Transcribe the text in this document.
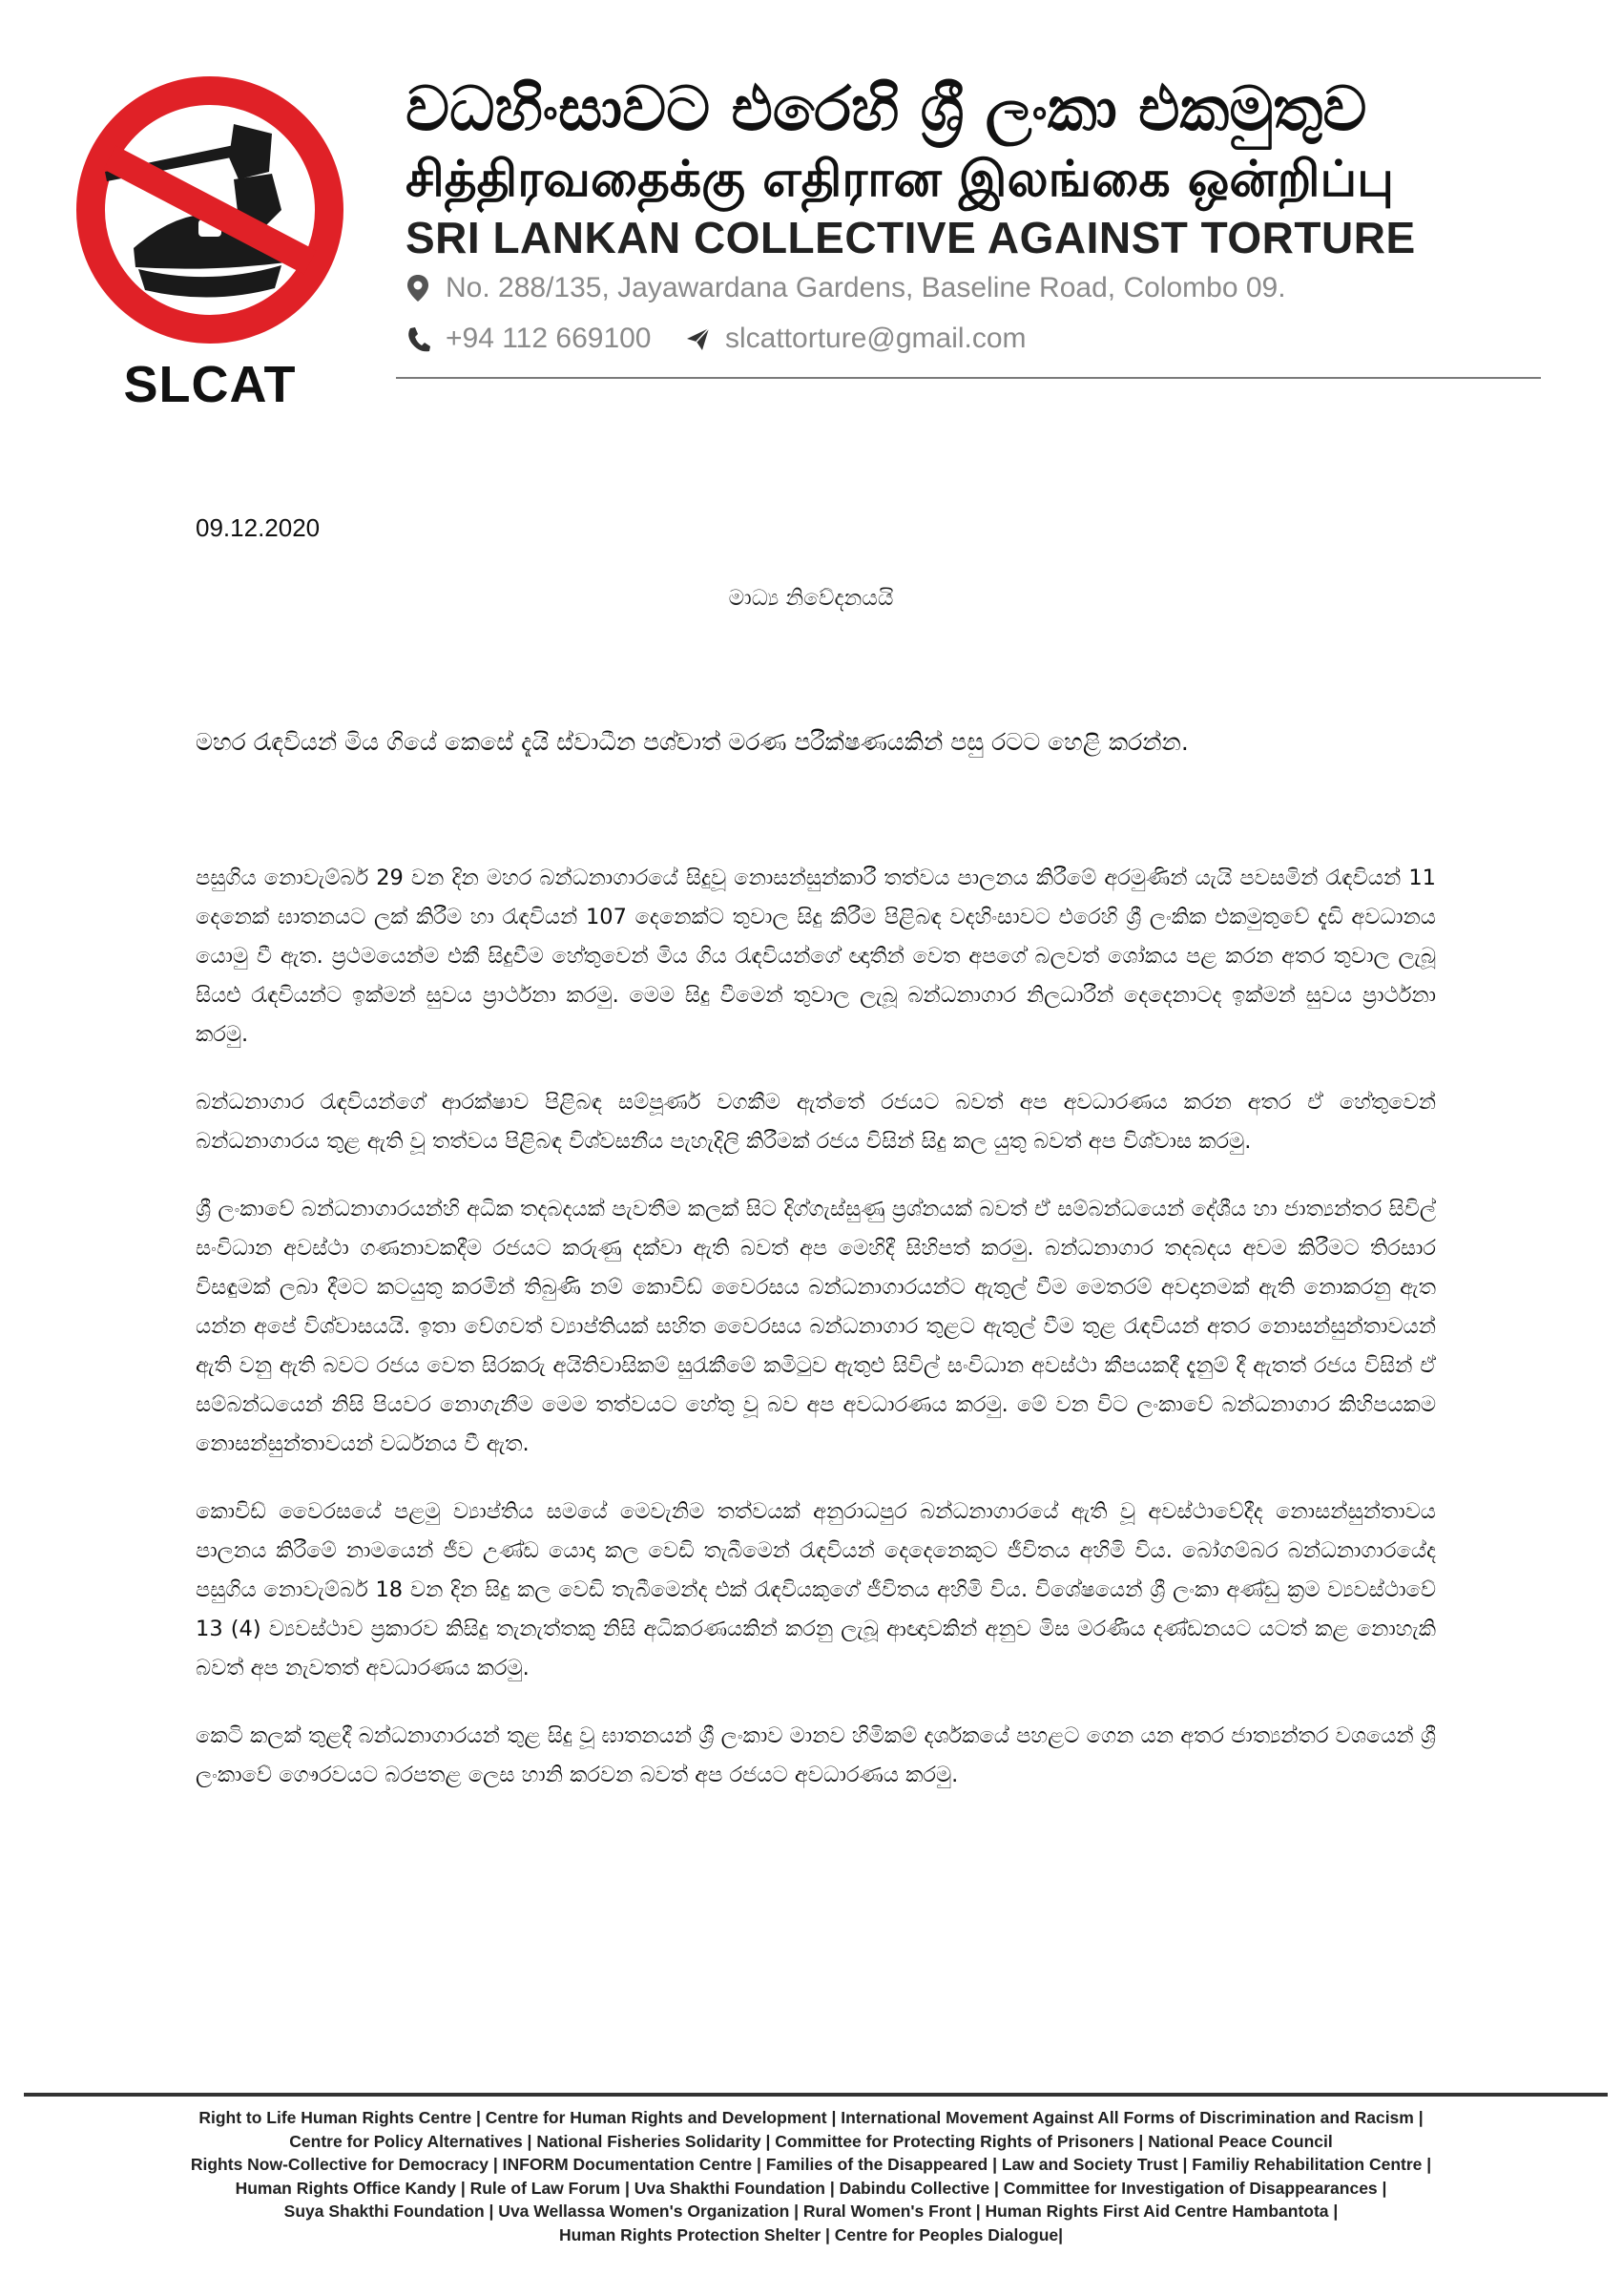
SLCAT
වධහිංසාවට එරෙහි ශ්‍රී ලංකා එකමුතුව
சித்திரவதைக்கு எதிரான இலங்கை ஒன்றிப்பு
SRI LANKAN COLLECTIVE AGAINST TORTURE
No. 288/135, Jayawardana Gardens, Baseline Road, Colombo 09.
+94 112 669100	slcattorture@gmail.com
09.12.2020
මාධ්‍ය නිවේදනයයි
මහර රැඳවියන් මිය ගියේ කෙසේ දැයි ස්වාධීන පශ්චාත් මරණ පරීක්ෂණයකින් පසු රටට හෙළි කරන්න.

පසුගිය නොවැම්බර් 29 වන දින මහර බන්ධනාගාරයේ සිදුවූ නොසන්සුන්කාරී තත්වය පාලනය කිරීමේ අරමුණින් යැයි පවසමින් රැඳවියන් 11 දෙනෙක් ඝාතනයට ලක් කිරීම හා රැඳවියන් 107 දෙනෙක්ට තුවාල සිදු කිරීම පිළිබඳ වදහිංසාවට එරෙහි ශ්‍රී ලංකික එකමුතුවේ දැඩි අවධානය යොමු වී ඇත. ප්‍රථමයෙන්ම එකී සිදුවීම හේතුවෙන් මිය ගිය රැඳවියන්ගේ ඥාතීන් වෙත අපගේ බලවත් ශෝකය පළ කරන අතර තුවාල ලැබූ සියළු රැඳවියන්ට ඉක්මන් සුවය ප්‍රාර්ථනා කරමු. මෙම සිදු වීමෙන් තුවාල ලැබූ බන්ධනාගාර නිලධාරීන් දෙදෙනාටද ඉක්මන් සුවය ප්‍රාර්ථනා කරමු.

බන්ධනාගාර රැඳවියන්ගේ ආරක්ෂාව පිළිබඳ සම්පූර්ණ වගකීම ඇත්තේ රජයට බවත් අප අවධාරණය කරන අතර ඒ හේතුවෙන් බන්ධනාගාරය තුළ ඇති වූ තත්වය පිළිබඳ විශ්වසනීය පැහැදිලි කිරීමක් රජය විසින් සිදු කල යුතු බවත් අප විශ්වාස කරමු.

ශ්‍රී ලංකාවේ බන්ධනාගාරයන්හි අධික තදබදයක් පැවතීම කලක් සිට දිග්ගැස්සුණු ප්‍රශ්නයක් බවත් ඒ සම්බන්ධයෙන් දේශීය හා ජාත්‍යන්තර සිවිල් සංවිධාන අවස්ථා ගණනාවකදීම රජයට කරුණු දක්වා ඇති බවත් අප මෙහිදී සිහිපත් කරමු. බන්ධනාගාර තදබදය අවම කිරීමට තිරසාර විසඳුමක් ලබා දීමට කටයුතු කරමින් තිබුණි නම් කොවිඩ් වෛරසය බන්ධනාගාරයන්ට ඇතුල් වීම මෙතරම් අවදානමක් ඇති නොකරනු ඇත යන්න අපේ විශ්වාසයයි. ඉතා වේගවත් ව්‍යාප්තියක් සහිත වෛරසය බන්ධනාගාර තුළට ඇතුල් වීම තුළ රැඳවියන් අතර නොසන්සුන්තාවයන් ඇති වනු ඇති බවට රජය වෙත සිරකරු අයිතිවාසිකම් සුරැකීමේ කමිටුව ඇතුළු සිවිල් සංවිධාන අවස්ථා කීපයකදී දැනුම් දී ඇතත් රජය විසින් ඒ සම්බන්ධයෙන් නිසි පියවර නොගැනීම මෙම තත්වයට හේතු වූ බව අප අවධාරණය කරමු. මේ වන විට ලංකාවේ බන්ධනාගාර කිහිපයකම නොසන්සුන්තාවයන් වර්ධනය වී ඇත.

කොවිඩ් වෛරසයේ පළමු ව්‍යාප්තිය සමයේ මෙවැනිම තත්වයක් අනුරාධපුර බන්ධනාගාරයේ ඇති වූ අවස්ථාවේදීද නොසන්සුන්තාවය පාලනය කිරීමේ නාමයෙන් ජීව උණ්ඩ යොදා කල වෙඩි තැබීමෙන් රැඳවියන් දෙදෙනෙකුට ජීවිතය අහිමි විය. බෝගම්බර බන්ධනාගාරයේද පසුගිය නොවැම්බර් 18 වන දින සිදු කල වෙඩි තැබීමෙන්ද එක් රැඳවියකුගේ ජීවිතය අහිමි විය. විශේෂයෙන් ශ්‍රී ලංකා අණ්ඩු ක්‍රම ව්‍යවස්ථාවේ 13 (4) ව්‍යවස්ථාව ප්‍රකාරව කිසිදු තැනැත්තකු නිසි අධිකරණයකින් කරනු ලැබූ ආඥාවකින් අනුව මිස මරණීය දණ්ඩනයට යටත් කළ නොහැකි බවත් අප නැවතත් අවධාරණය කරමු.

කෙටි කලක් තුළදී බන්ධනාගාරයන් තුළ සිදු වූ ඝාතනයන් ශ්‍රී ලංකාව මානව හිමිකම් දර්ශකයේ පහළට ගෙන යන අතර ජාත්‍යන්තර වශයෙන් ශ්‍රී ලංකාවේ ගෞරවයට බරපතළ ලෙස හානි කරවන බවත් අප රජයට අවධාරණය කරමු.

Right to Life Human Rights Centre | Centre for Human Rights and Development | International Movement Against All Forms of Discrimination and Racism |
Centre for Policy Alternatives | National Fisheries Solidarity | Committee for Protecting Rights of Prisoners | National Peace Council
Rights Now-Collective for Democracy | INFORM Documentation Centre | Families of the Disappeared | Law and Society Trust | Familiy Rehabilitation Centre |
Human Rights Office Kandy | Rule of Law Forum | Uva Shakthi Foundation | Dabindu Collective | Committee for Investigation of Disappearances |
Suya Shakthi Foundation | Uva Wellassa Women's Organization | Rural Women's Front | Human Rights First Aid Centre Hambantota |
Human Rights Protection Shelter | Centre for Peoples Dialogue|
